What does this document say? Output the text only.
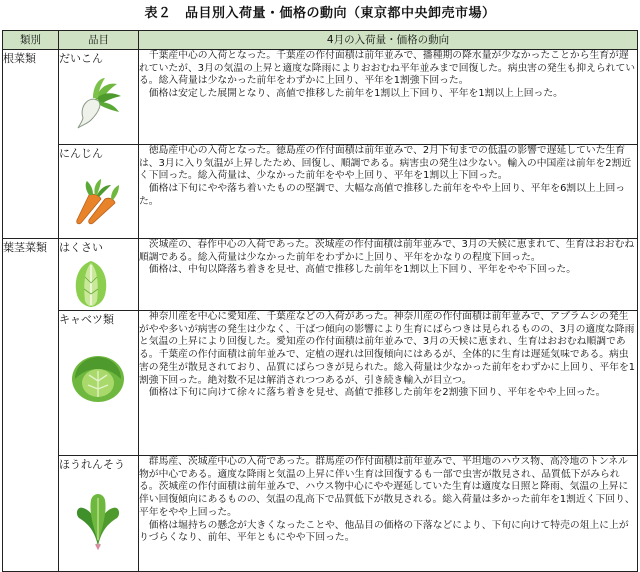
表２　品目別入荷量・価格の動向（東京都中央卸売市場）
類別	品目	4月の入荷量・価格の動向
根菜類	だいこん	千葉産中心の入荷となった。千葉産の作付面積は前年並みで、播種期の降水量が少なかったことから生育が遅れていたが、3月の気温の上昇と適度な降雨によりおおむね平年並みまで回復した。病虫害の発生も抑えられている。総入荷量は少なかった前年をわずかに上回り、平年を1割強下回った。

価格は安定した展開となり、高値で推移した前年を1割以上下回り、平年を1割以上上回った。

	にんじん	徳島産中心の入荷となった。徳島産の作付面積は前年並みで、2月下旬までの低温の影響で遅延していた生育は、3月に入り気温が上昇したため、回復し、順調である。病害虫の発生は少ない。輸入の中国産は前年を2割近く下回った。総入荷量は、少なかった前年をやや上回り、平年を1割以上下回った。

価格は下旬にやや落ち着いたものの堅調で、大幅な高値で推移した前年をやや上回り、平年を6割以上上回った。

葉茎菜類	はくさい	茨城産の、春作中心の入荷であった。茨城産の作付面積は前年並みで、3月の天候に恵まれて、生育はおおむね順調である。総入荷量は少なかった前年をわずかに上回り、平年をかなりの程度下回った。

価格は、中旬以降落ち着きを見せ、高値で推移した前年を1割以上下回り、平年をやや下回った。

	キャベツ類	神奈川産を中心に愛知産、千葉産などの入荷があった。神奈川産の作付面積は前年並みで、アブラムシの発生がやや多いが病害の発生は少なく、干ばつ傾向の影響により生育にばらつきは見られるものの、3月の適度な降雨と気温の上昇により回復した。愛知産の作付面積は前年並みで、3月の天候に恵まれ、生育はおおむね順調である。千葉産の作付面積は前年並みで、定植の遅れは回復傾向にはあるが、全体的に生育は遅延気味である。病虫害の発生が散見されており、品質にばらつきが見られた。総入荷量は少なかった前年をわずかに上回り、平年を1割強下回った。絶対数不足は解消されつつあるが、引き続き輸入が目立つ。

価格は下旬に向けて徐々に落ち着きを見せ、高値で推移した前年を2割強下回り、平年をやや上回った。

	ほうれんそう	群馬産、茨城産中心の入荷であった。群馬産の作付面積は前年並みで、平坦地のハウス物、高冷地のトンネル物が中心である。適度な降雨と気温の上昇に伴い生育は回復するも一部で虫害が散見され、品質低下がみられる。茨城産の作付面積は前年並みで、ハウス物中心にやや遅延していた生育は適度な日照と降雨、気温の上昇に伴い回復傾向にあるものの、気温の乱高下で品質低下が散見される。総入荷量は多かった前年を1割近く下回り、平年をやや上回った。

価格は堀持ちの懸念が大きくなったことや、他品目の価格の下落などにより、下旬に向けて特売の俎上に上がりづらくなり、前年、平年ともにやや下回った。
